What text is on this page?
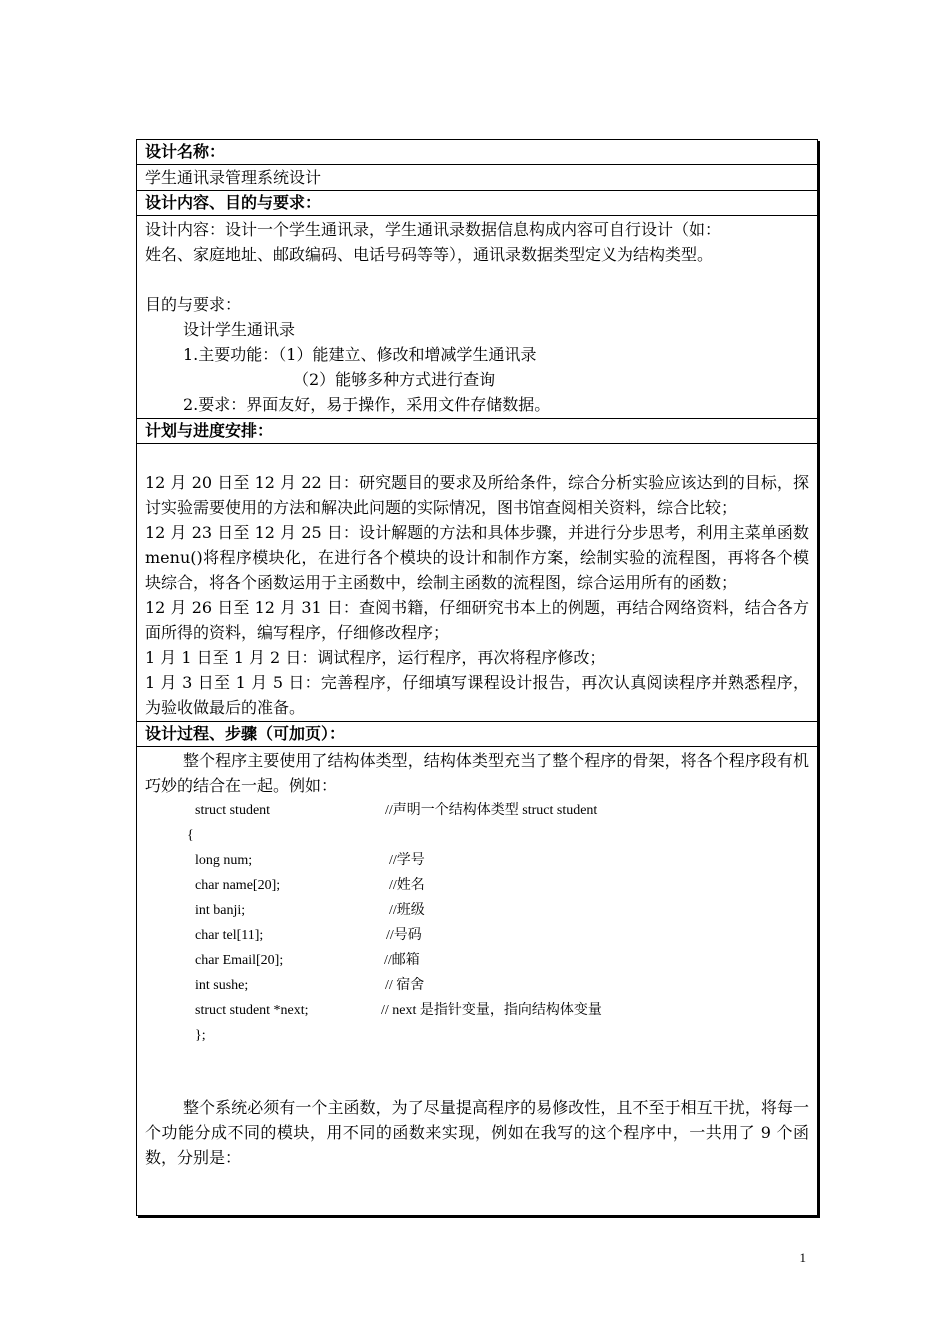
设计名称：
学生通讯录管理系统设计
设计内容、目的与要求：
设计内容：设计一个学生通讯录，学生通讯录数据信息构成内容可自行设计（如：
姓名、家庭地址、邮政编码、电话号码等等），通讯录数据类型定义为结构类型。
目的与要求：
设计学生通讯录
1.主要功能：（1）能建立、修改和增减学生通讯录
（2）能够多种方式进行查询
2.要求：界面友好，易于操作，采用文件存储数据。
计划与进度安排：
12 月 20 日至 12 月 22 日：研究题目的要求及所给条件，综合分析实验应该达到的目标，探讨实验需要使用的方法和解决此问题的实际情况，图书馆查阅相关资料，综合比较；
12 月 23 日至 12 月 25 日：设计解题的方法和具体步骤，并进行分步思考，利用主菜单函数 menu()将程序模块化，在进行各个模块的设计和制作方案，绘制实验的流程图，再将各个模块综合，将各个函数运用于主函数中，绘制主函数的流程图，综合运用所有的函数；
12 月 26 日至 12 月 31 日：查阅书籍，仔细研究书本上的例题，再结合网络资料，结合各方面所得的资料，编写程序，仔细修改程序；
1 月 1 日至 1 月 2 日：调试程序，运行程序，再次将程序修改；
1 月 3 日至 1 月 5 日：完善程序，仔细填写课程设计报告，再次认真阅读程序并熟悉程序，为验收做最后的准备。
设计过程、步骤（可加页）：
整个程序主要使用了结构体类型，结构体类型充当了整个程序的骨架，将各个程序段有机巧妙的结合在一起。例如：
struct student	//声明一个结构体类型 struct student
{
long num;	//学号
char name[20];	//姓名
int banji;	//班级
char tel[11];	//号码
char Email[20];	//邮箱
int sushe;	// 宿舍
struct student *next;	// next 是指针变量，指向结构体变量
};
整个系统必须有一个主函数，为了尽量提高程序的易修改性，且不至于相互干扰，将每一个功能分成不同的模块，用不同的函数来实现，例如在我写的这个程序中，一共用了 9 个函数，分别是：
1
